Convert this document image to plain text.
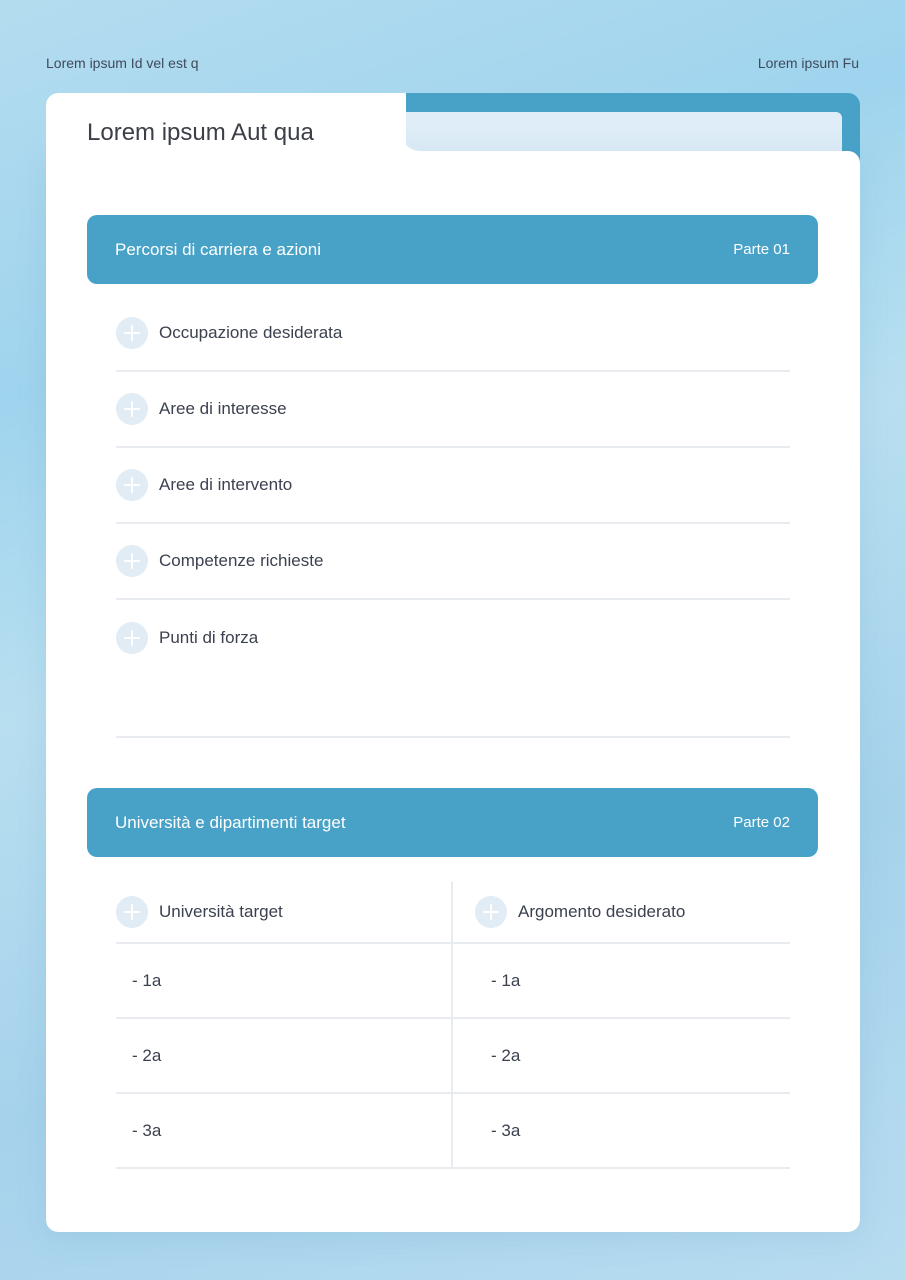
Lorem ipsum Id vel est q	Lorem ipsum Fu
Lorem ipsum Aut qua
Percorsi di carriera e azioni	Parte 01
Occupazione desiderata
Aree di interesse
Aree di intervento
Competenze richieste
Punti di forza
Università e dipartimenti target	Parte 02
Università target	Argomento desiderato
- 1a	- 1a
- 2a	- 2a
- 3a	- 3a
